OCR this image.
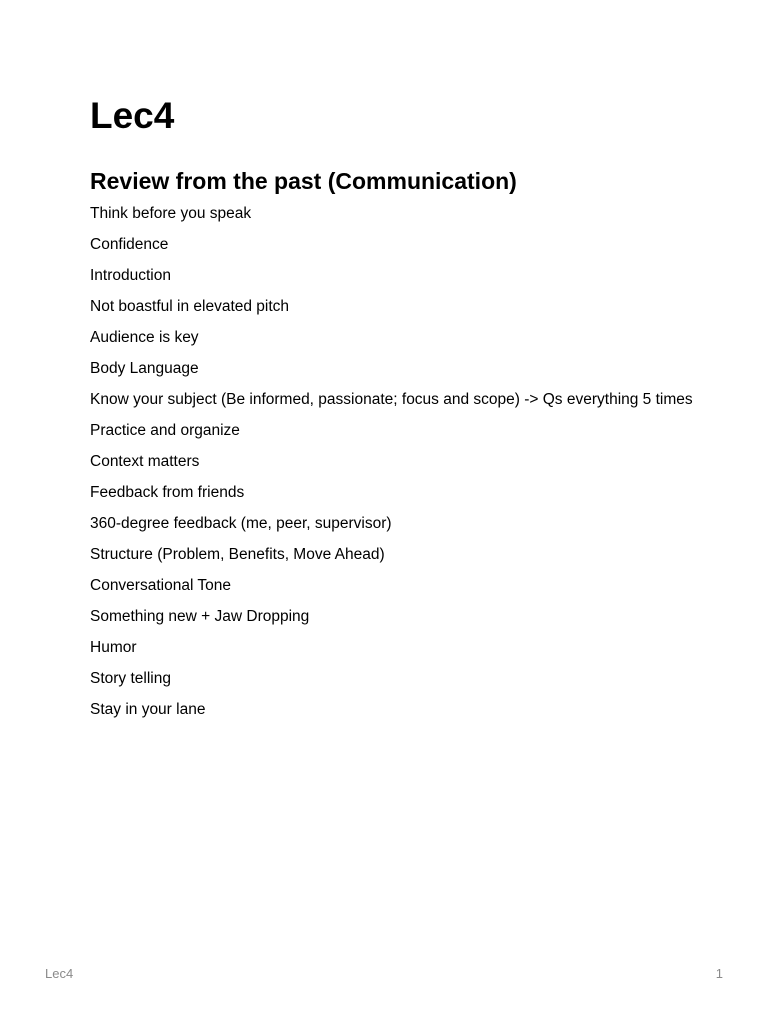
Lec4
Review from the past (Communication)
Think before you speak
Confidence
Introduction
Not boastful in elevated pitch
Audience is key
Body Language
Know your subject (Be informed, passionate; focus and scope) -> Qs everything 5 times
Practice and organize
Context matters
Feedback from friends
360-degree feedback (me, peer, supervisor)
Structure (Problem, Benefits, Move Ahead)
Conversational Tone
Something new + Jaw Dropping
Humor
Story telling
Stay in your lane
Lec4	1
